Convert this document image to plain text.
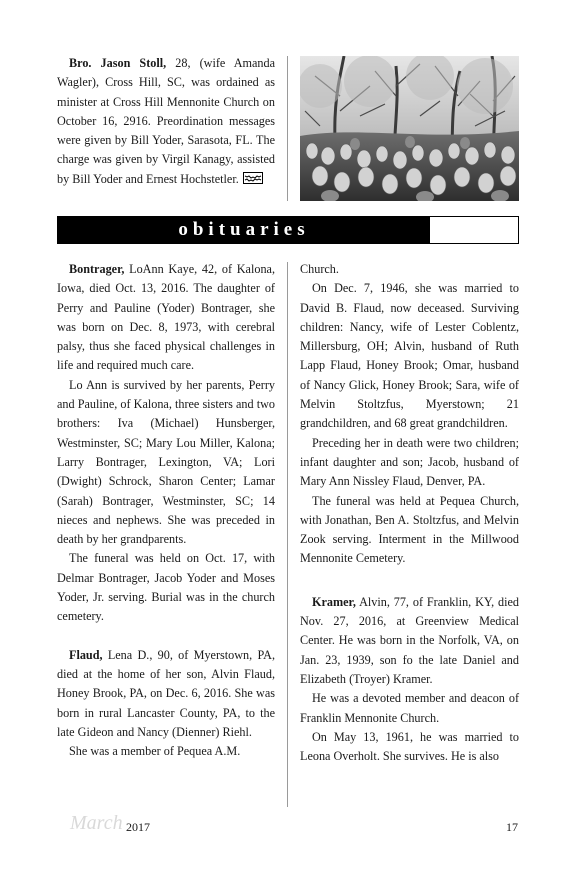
Bro. Jason Stoll, 28, (wife Amanda Wagler), Cross Hill, SC, was ordained as minister at Cross Hill Mennonite Church on October 16, 2916. Preordination messages were given by Bill Yoder, Sarasota, FL. The charge was given by Virgil Kanagy, assisted by Bill Yoder and Ernest Hochstetler.

obituaries

Bontrager, LoAnn Kaye, 42, of Kalona, Iowa, died Oct. 13, 2016. The daughter of Perry and Pauline (Yoder) Bontrager, she was born on Dec. 8, 1973, with cerebral palsy, thus she faced physical challenges in life and required much care.

Lo Ann is survived by her parents, Perry and Pauline, of Kalona, three sisters and two brothers: Iva (Michael) Hunsberger, Westminster, SC; Mary Lou Miller, Kalona; Larry Bontrager, Lexington, VA; Lori (Dwight) Schrock, Sharon Center; Lamar (Sarah) Bontrager, Westminster, SC; 14 nieces and nephews. She was preceded in death by her grandparents.

The funeral was held on Oct. 17, with Delmar Bontrager, Jacob Yoder and Moses Yoder, Jr. serving. Burial was in the church cemetery.

Flaud, Lena D., 90, of Myerstown, PA, died at the home of her son, Alvin Flaud, Honey Brook, PA, on Dec. 6, 2016. She was born in rural Lancaster County, PA, to the late Gideon and Nancy (Dienner) Riehl.

She was a member of Pequea A.M.

Church.

On Dec. 7, 1946, she was married to David B. Flaud, now deceased. Surviving children: Nancy, wife of Lester Coblentz, Millersburg, OH; Alvin, husband of Ruth Lapp Flaud, Honey Brook; Omar, husband of Nancy Glick, Honey Brook; Sara, wife of Melvin Stoltzfus, Myerstown; 21 grandchildren, and 68 great grandchildren.

Preceding her in death were two children; infant daughter and son; Jacob, husband of Mary Ann Nissley Flaud, Denver, PA.

The funeral was held at Pequea Church, with Jonathan, Ben A. Stoltzfus, and Melvin Zook serving. Interment in the Millwood Mennonite Cemetery.

Kramer, Alvin, 77, of Franklin, KY, died Nov. 27, 2016, at Greenview Medical Center. He was born in the Norfolk, VA, on Jan. 23, 1939, son fo the late Daniel and Elizabeth (Troyer) Kramer.

He was a devoted member and deacon of Franklin Mennonite Church.

On May 13, 1961, he was married to Leona Overholt. She survives. He is also

March 2017	17
